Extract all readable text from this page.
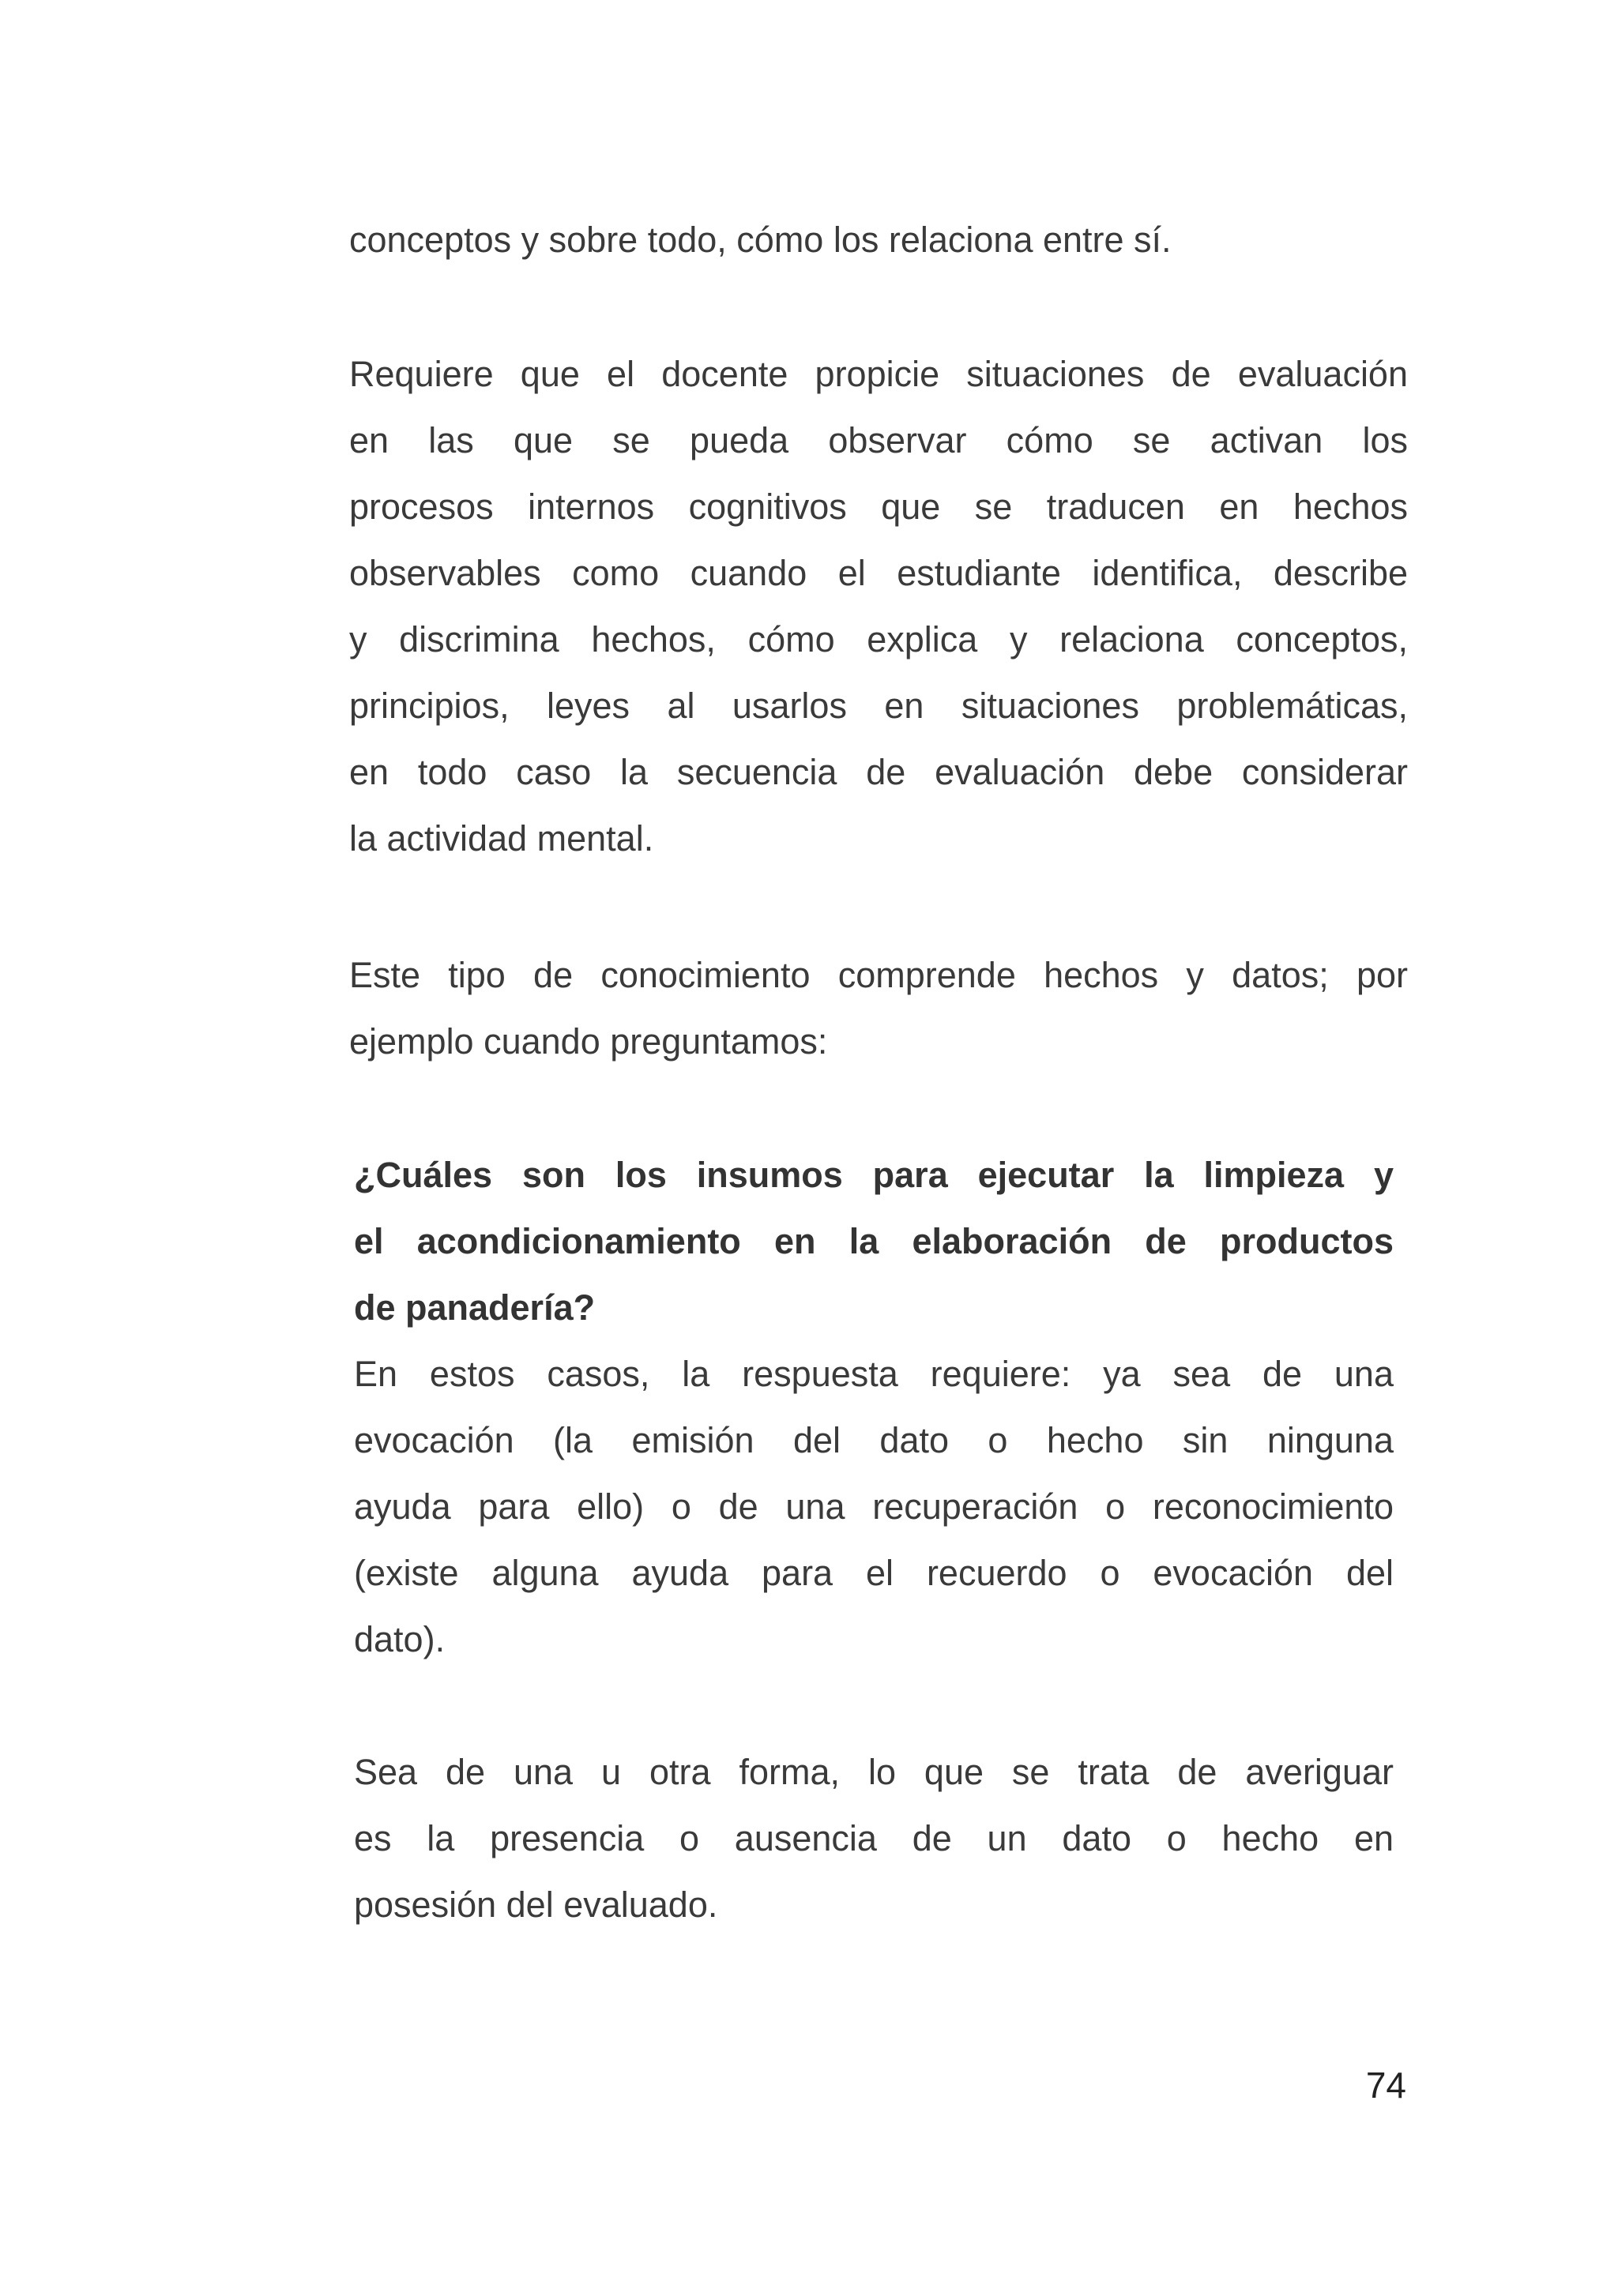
conceptos y sobre todo, cómo los relaciona entre sí.
Requiere que el docente propicie situaciones de evaluación
en las que se pueda observar cómo se activan los
procesos internos cognitivos que se traducen en hechos
observables como cuando el estudiante identifica, describe
y discrimina hechos, cómo explica y relaciona conceptos,
principios, leyes al usarlos en situaciones problemáticas,
en todo caso la secuencia de evaluación debe considerar
la actividad mental.
Este tipo de conocimiento comprende hechos y datos; por
ejemplo cuando preguntamos:
¿Cuáles son los insumos para ejecutar la limpieza y
el acondicionamiento en la elaboración de productos
de panadería?
En estos casos, la respuesta requiere: ya sea de una
evocación (la emisión del dato o hecho sin ninguna
ayuda para ello) o de una recuperación o reconocimiento
(existe alguna ayuda para el recuerdo o evocación del
dato).
Sea de una u otra forma, lo que se trata de averiguar
es la presencia o ausencia de un dato o hecho en
posesión del evaluado.
74
